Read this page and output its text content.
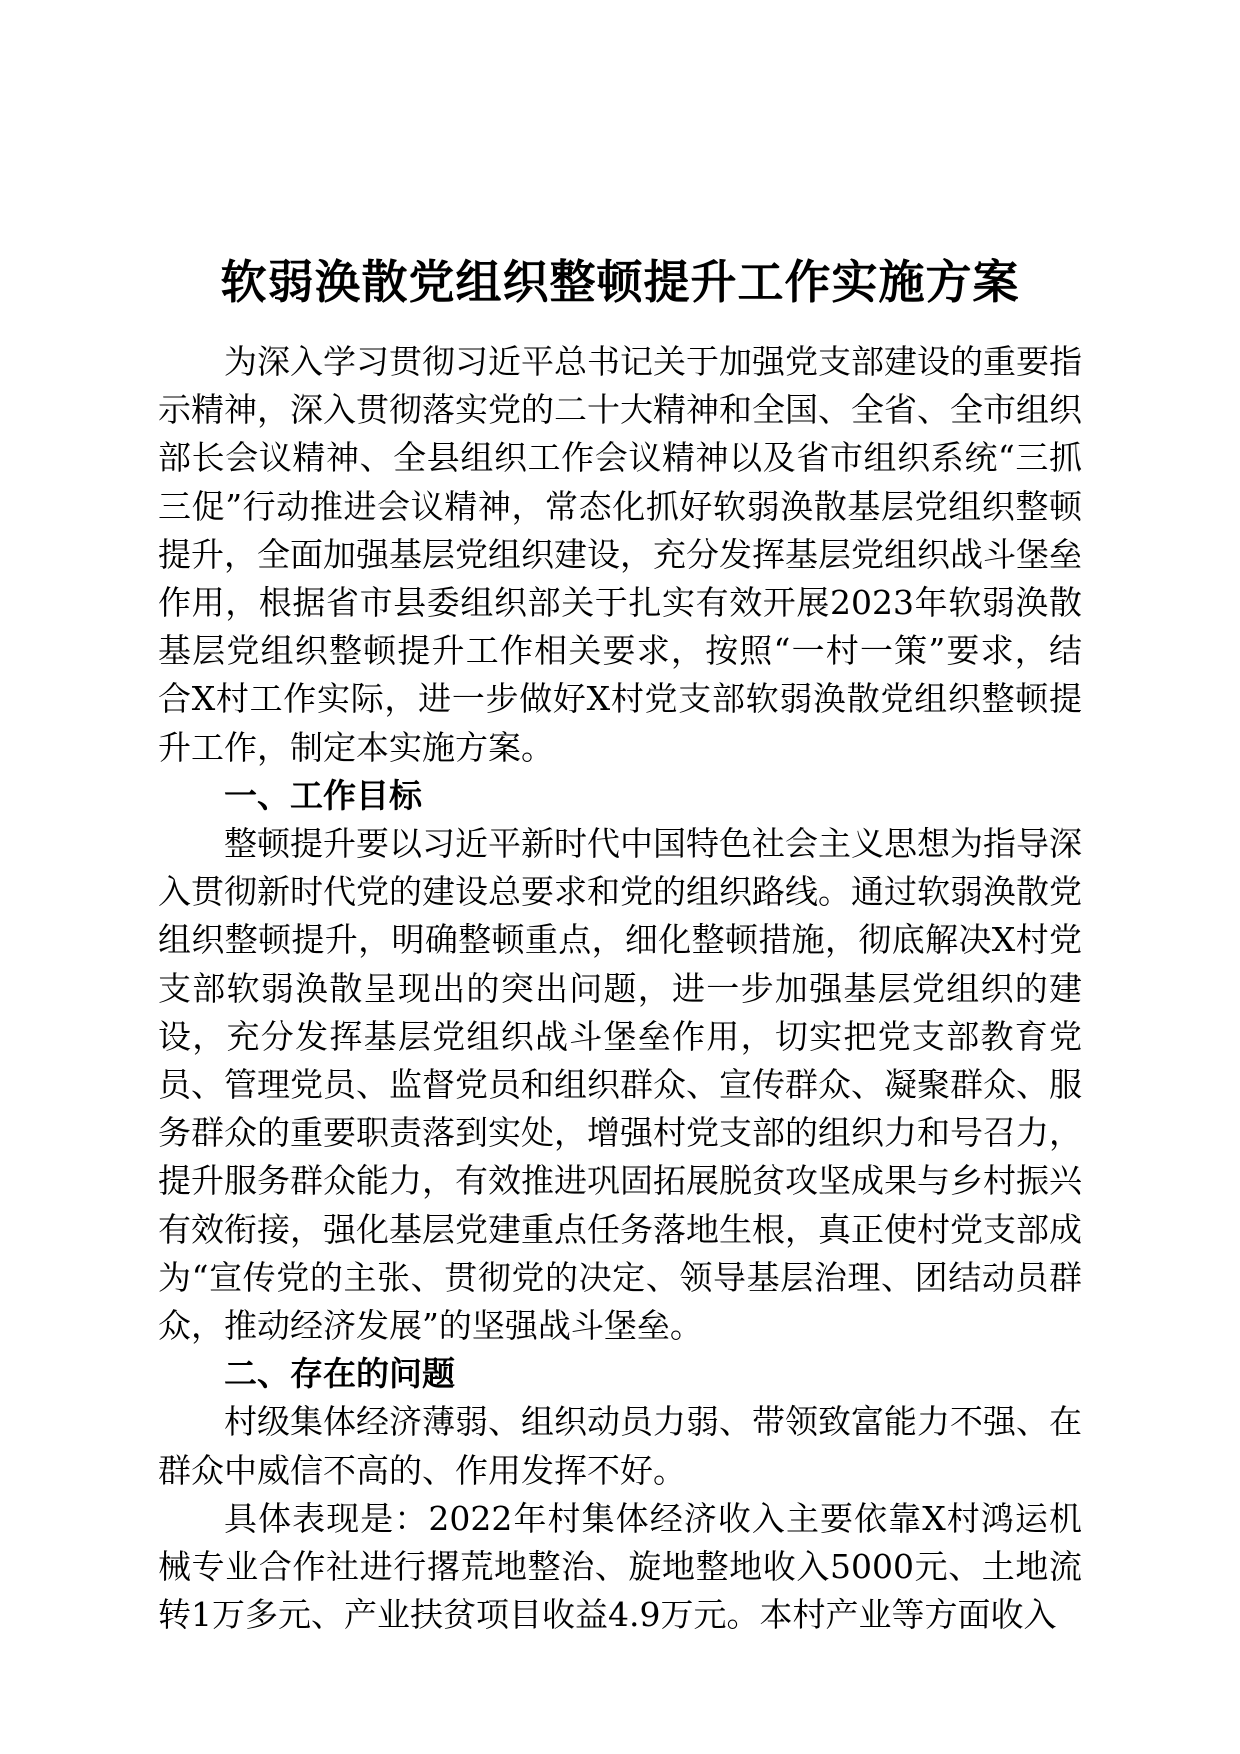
软弱涣散党组织整顿提升工作实施方案

为深入学习贯彻习近平总书记关于加强党支部建设的重要指示精神，深入贯彻落实党的二十大精神和全国、全省、全市组织部长会议精神、全县组织工作会议精神以及省市组织系统“三抓三促”行动推进会议精神，常态化抓好软弱涣散基层党组织整顿提升，全面加强基层党组织建设，充分发挥基层党组织战斗堡垒作用，根据省市县委组织部关于扎实有效开展2023年软弱涣散基层党组织整顿提升工作相关要求，按照“一村一策”要求，结合X村工作实际，进一步做好X村党支部软弱涣散党组织整顿提升工作，制定本实施方案。

一、工作目标

整顿提升要以习近平新时代中国特色社会主义思想为指导深入贯彻新时代党的建设总要求和党的组织路线。通过软弱涣散党组织整顿提升，明确整顿重点，细化整顿措施，彻底解决X村党支部软弱涣散呈现出的突出问题，进一步加强基层党组织的建设，充分发挥基层党组织战斗堡垒作用，切实把党支部教育党员、管理党员、监督党员和组织群众、宣传群众、凝聚群众、服务群众的重要职责落到实处，增强村党支部的组织力和号召力，提升服务群众能力，有效推进巩固拓展脱贫攻坚成果与乡村振兴有效衔接，强化基层党建重点任务落地生根，真正使村党支部成为“宣传党的主张、贯彻党的决定、领导基层治理、团结动员群众，推动经济发展”的坚强战斗堡垒。

二、存在的问题

村级集体经济薄弱、组织动员力弱、带领致富能力不强、在群众中威信不高的、作用发挥不好。

具体表现是：2022年村集体经济收入主要依靠X村鸿运机械专业合作社进行撂荒地整治、旋地整地收入5000元、土地流转1万多元、产业扶贫项目收益4.9万元。本村产业等方面收入
